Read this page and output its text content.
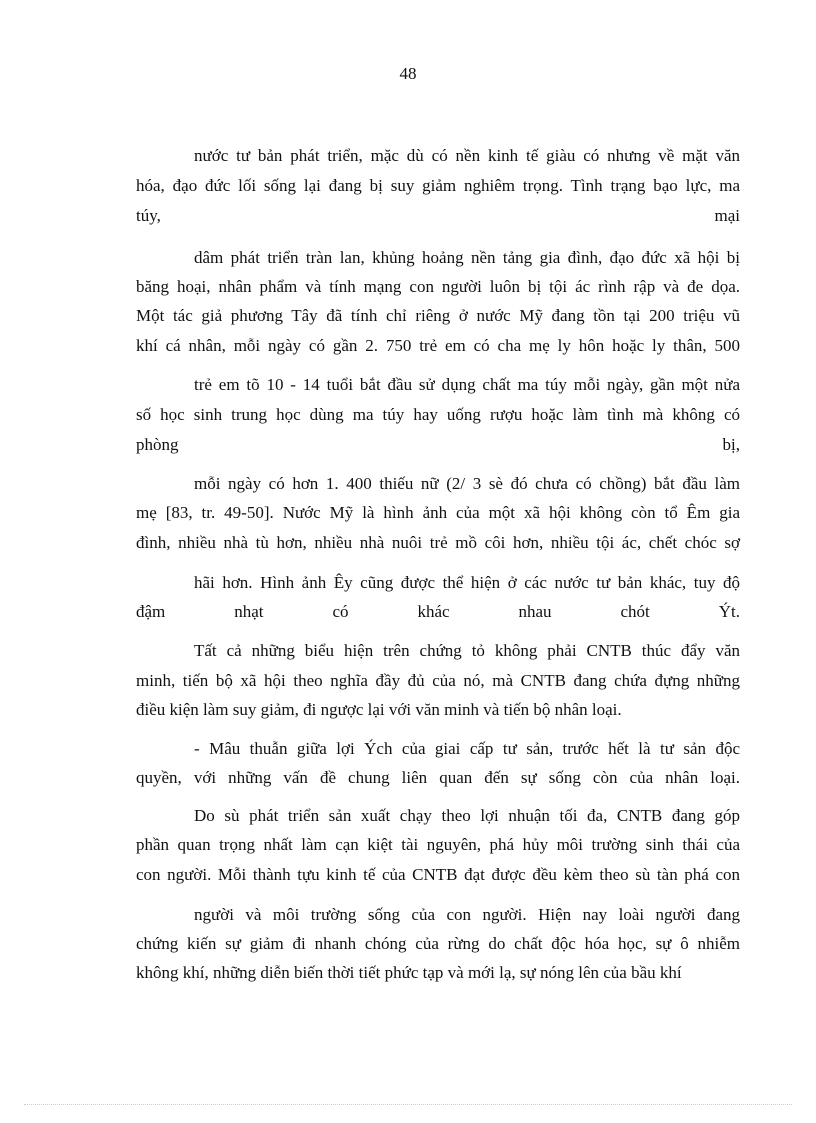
48
nước tư bản phát triển, mặc dù có nền kinh tế giàu có nhưng về mặt văn
hóa, đạo đức lối sống lại đang bị suy giảm nghiêm trọng. Tình trạng bạo lực, ma
túy,	mại
dâm phát triển tràn lan, khủng hoảng nền tảng gia đình, đạo đức xã hội bị
băng hoại, nhân phẩm và tính mạng con người luôn bị tội ác rình rập và đe dọa.
Một tác giả phương Tây đã tính chỉ riêng ở nước Mỹ đang tồn tại 200 triệu vũ
khí cá nhân, mỗi ngày có gần 2. 750 trẻ em có cha mẹ ly hôn hoặc ly thân, 500
trẻ em tõ 10 - 14 tuổi bắt đầu sử dụng chất ma túy mỗi ngày, gần một nửa
số học sinh trung học dùng ma túy hay uống rượu hoặc làm tình mà không có
phòng	bị,
mỗi ngày có hơn 1. 400 thiếu nữ (2/ 3 sè đó chưa có chồng) bắt đầu làm
mẹ [83, tr. 49-50]. Nước Mỹ là hình ảnh của một xã hội không còn tổ Êm gia
đình, nhiều nhà tù hơn, nhiều nhà nuôi trẻ mồ côi hơn, nhiều tội ác, chết chóc sợ
hãi hơn. Hình ảnh Êy cũng được thể hiện ở các nước tư bản khác, tuy độ
đậm nhạt có khác nhau chót Ýt.
Tất cả những biểu hiện trên chứng tỏ không phải CNTB thúc đẩy văn
minh, tiến bộ xã hội theo nghĩa đầy đủ của nó, mà CNTB đang chứa đựng những
điều kiện làm suy giảm, đi ngược lại với văn minh và tiến bộ nhân loại.
- Mâu thuẫn giữa lợi Ých của giai cấp tư sản, trước hết là tư sản độc
quyền, với những vấn đề chung liên quan đến sự sống còn của nhân loại.
Do sù phát triển sản xuất chạy theo lợi nhuận tối đa, CNTB đang góp
phần quan trọng nhất làm cạn kiệt tài nguyên, phá hủy môi trường sinh thái của
con người. Mỗi thành tựu kinh tế của CNTB đạt được đều kèm theo sù tàn phá con
người và môi trường sống của con người. Hiện nay loài người đang
chứng kiến sự giảm đi nhanh chóng của rừng do chất độc hóa học, sự ô nhiễm
không khí, những diễn biến thời tiết phức tạp và mới lạ, sự nóng lên của bầu khí
